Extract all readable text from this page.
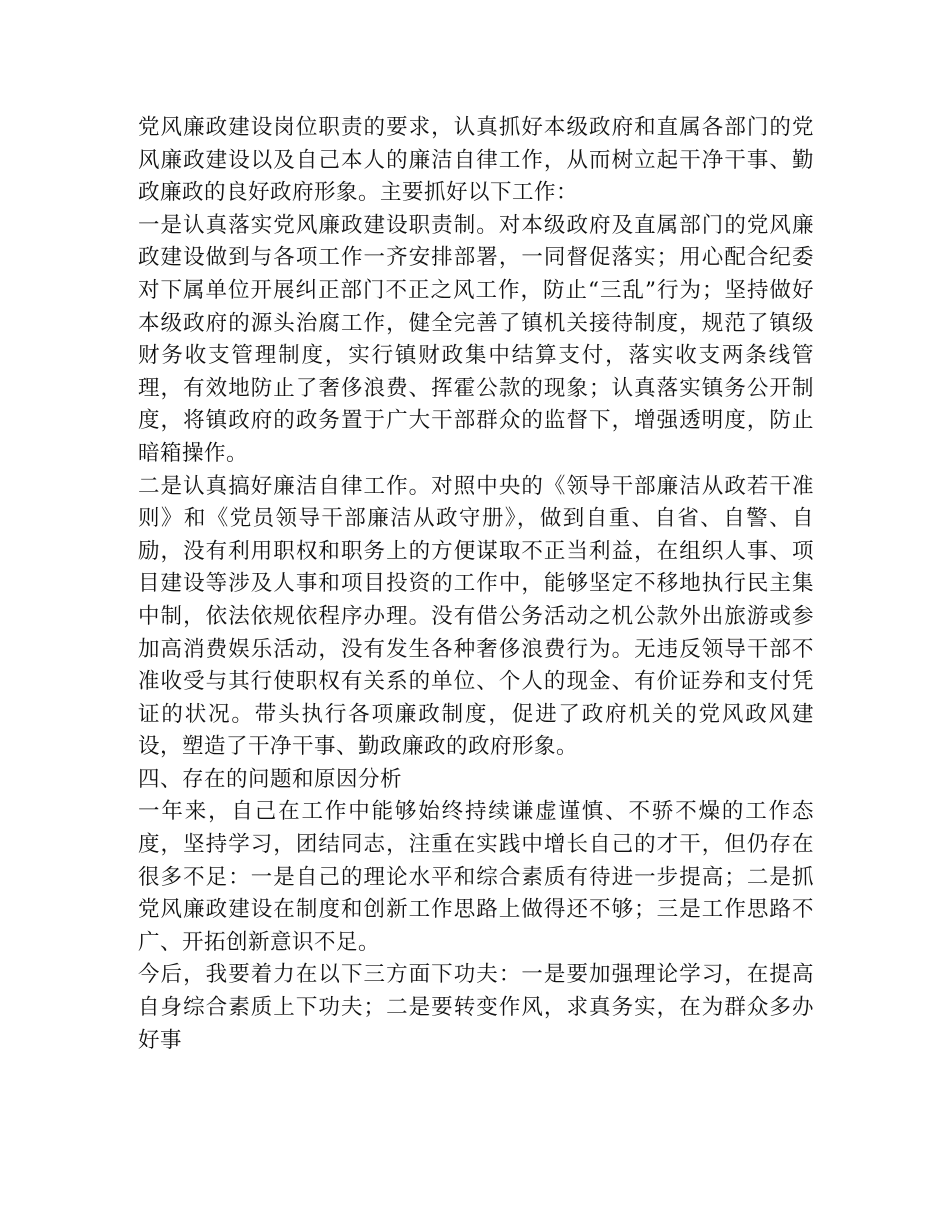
党风廉政建设岗位职责的要求，认真抓好本级政府和直属各部门的党风廉政建设以及自己本人的廉洁自律工作，从而树立起干净干事、勤政廉政的良好政府形象。主要抓好以下工作：

一是认真落实党风廉政建设职责制。对本级政府及直属部门的党风廉政建设做到与各项工作一齐安排部署，一同督促落实；用心配合纪委对下属单位开展纠正部门不正之风工作，防止“三乱”行为；坚持做好本级政府的源头治腐工作，健全完善了镇机关接待制度，规范了镇级财务收支管理制度，实行镇财政集中结算支付，落实收支两条线管理，有效地防止了奢侈浪费、挥霍公款的现象；认真落实镇务公开制度，将镇政府的政务置于广大干部群众的监督下，增强透明度，防止暗箱操作。

二是认真搞好廉洁自律工作。对照中央的《领导干部廉洁从政若干准则》和《党员领导干部廉洁从政守册》，做到自重、自省、自警、自励，没有利用职权和职务上的方便谋取不正当利益，在组织人事、项目建设等涉及人事和项目投资的工作中，能够坚定不移地执行民主集中制，依法依规依程序办理。没有借公务活动之机公款外出旅游或参加高消费娱乐活动，没有发生各种奢侈浪费行为。无违反领导干部不准收受与其行使职权有关系的单位、个人的现金、有价证券和支付凭证的状况。带头执行各项廉政制度，促进了政府机关的党风政风建设，塑造了干净干事、勤政廉政的政府形象。

四、存在的问题和原因分析

一年来，自己在工作中能够始终持续谦虚谨慎、不骄不燥的工作态度，坚持学习，团结同志，注重在实践中增长自己的才干，但仍存在很多不足：一是自己的理论水平和综合素质有待进一步提高；二是抓党风廉政建设在制度和创新工作思路上做得还不够；三是工作思路不广、开拓创新意识不足。

今后，我要着力在以下三方面下功夫：一是要加强理论学习，在提高自身综合素质上下功夫；二是要转变作风，求真务实，在为群众多办好事
